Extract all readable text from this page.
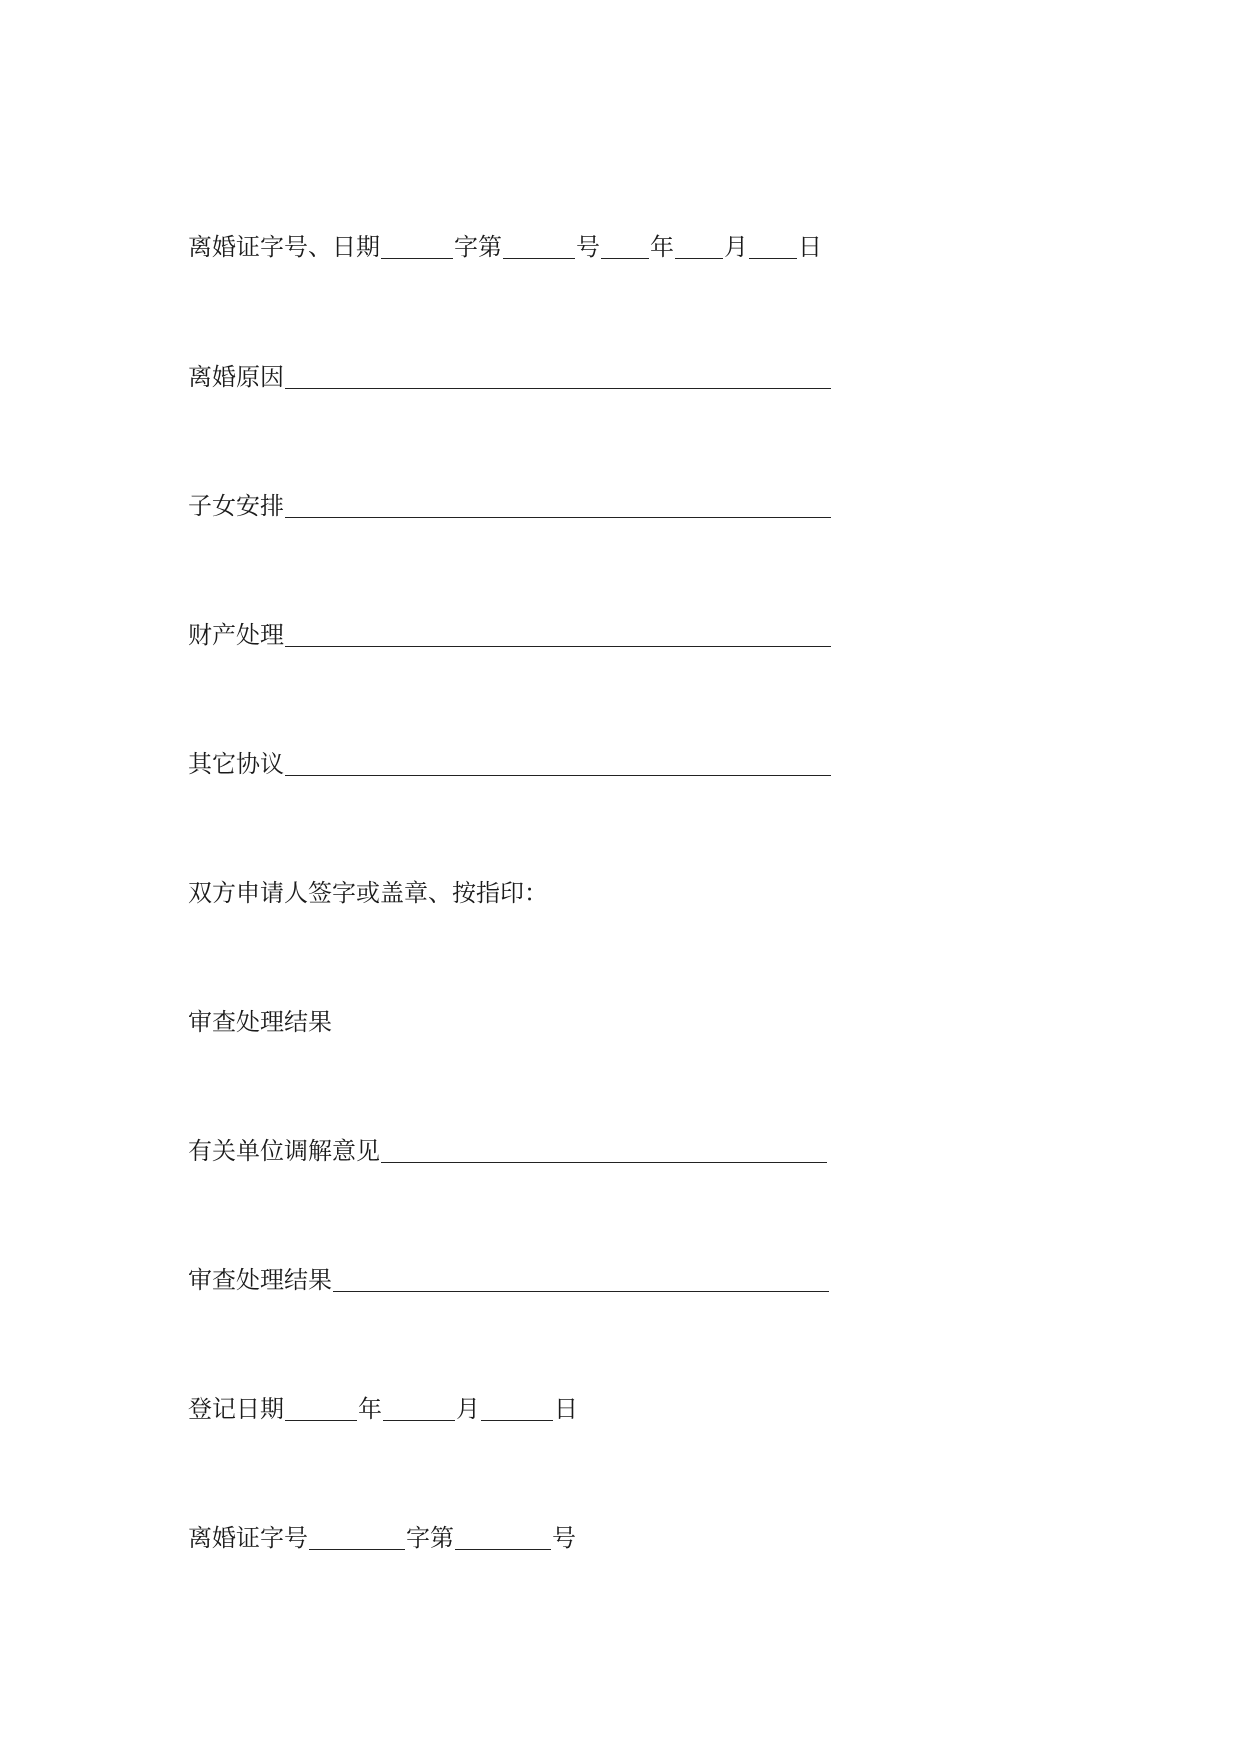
离婚证字号、日期	字第	号 年 月 日
离婚原因
子女安排
财产处理
其它协议
双方申请人签字或盖章、按指印：
审查处理结果
有关单位调解意见
审查处理结果
登记日期	年	月	日
离婚证字号	字第	号
